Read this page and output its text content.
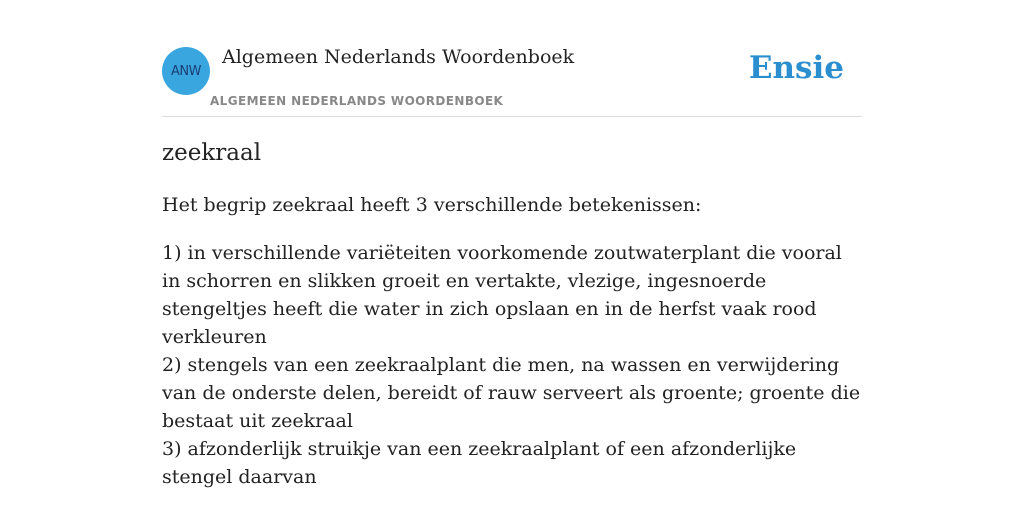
ANW
Algemeen Nederlands Woordenboek
ALGEMEEN NEDERLANDS WOORDENBOEK
Ensie
zeekraal

Het begrip zeekraal heeft 3 verschillende betekenissen:

1) in verschillende variëteiten voorkomende zoutwaterplant die vooral in schorren en slikken groeit en vertakte, vlezige, ingesnoerde stengeltjes heeft die water in zich opslaan en in de herfst vaak rood verkleuren
2) stengels van een zeekraalplant die men, na wassen en verwijdering van de onderste delen, bereidt of rauw serveert als groente; groente die bestaat uit zeekraal
3) afzonderlijk struikje van een zeekraalplant of een afzonderlijke stengel daarvan
